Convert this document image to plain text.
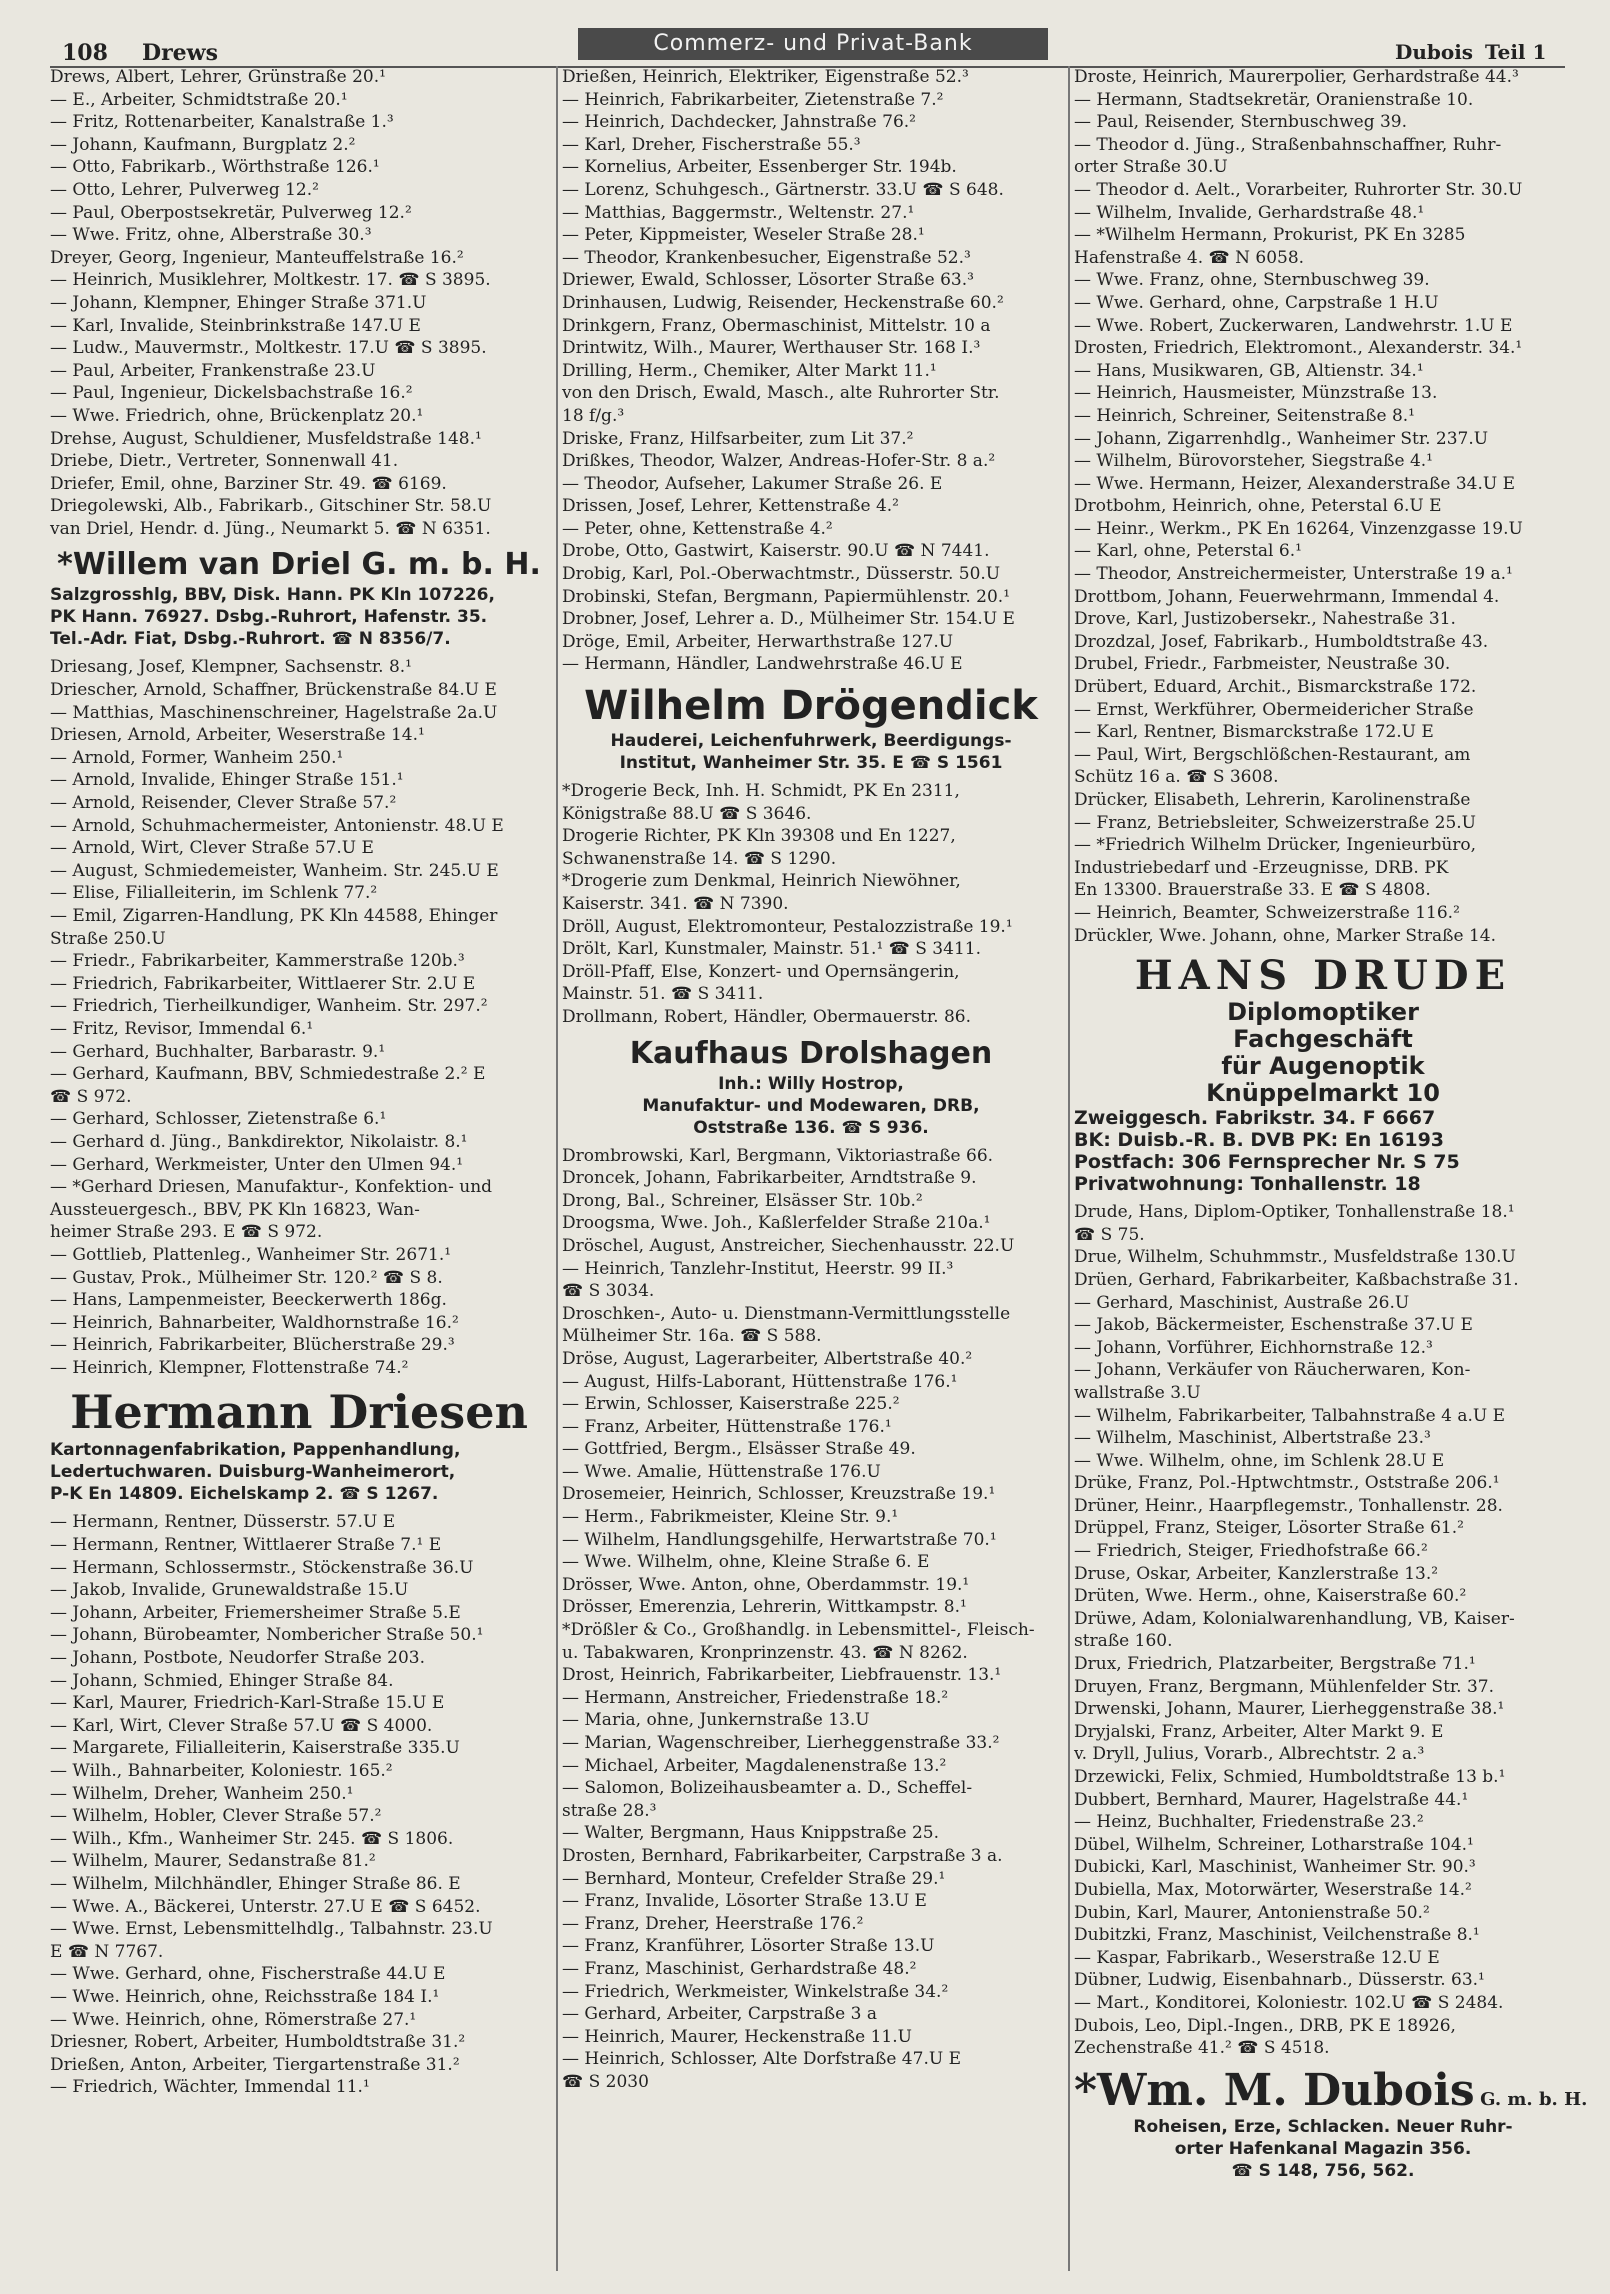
108 Drews	Commerz- und Privat-Bank	Dubois Teil 1
Drews, Albert, Lehrer, Grünstraße 20.¹
— E., Arbeiter, Schmidtstraße 20.¹
— Fritz, Rottenarbeiter, Kanalstraße 1.³
— Johann, Kaufmann, Burgplatz 2.²
— Otto, Fabrikarb., Wörthstraße 126.¹
— Otto, Lehrer, Pulverweg 12.²
— Paul, Oberpostsekretär, Pulverweg 12.²
— Wwe. Fritz, ohne, Alberstraße 30.³
Dreyer, Georg, Ingenieur, Manteuffelstraße 16.²
— Heinrich, Musiklehrer, Moltkestr. 17. ☎ S 3895.
— Johann, Klempner, Ehinger Straße 371.U
— Karl, Invalide, Steinbrinkstraße 147.U E
— Ludw., Mauvermstr., Moltkestr. 17.U ☎ S 3895.
— Paul, Arbeiter, Frankenstraße 23.U
— Paul, Ingenieur, Dickelsbachstraße 16.²
— Wwe. Friedrich, ohne, Brückenplatz 20.¹
Drehse, August, Schuldiener, Musfeldstraße 148.¹
Driebe, Dietr., Vertreter, Sonnenwall 41.
Driefer, Emil, ohne, Barziner Str. 49. ☎ 6169.
Driegolewski, Alb., Fabrikarb., Gitschiner Str. 58.U
van Driel, Hendr. d. Jüng., Neumarkt 5. ☎ N 6351.
*Willem van Driel G. m. b. H.
Salzgrosshlg, BBV, Disk. Hann. PK Kln 107226,
PK Hann. 76927. Dsbg.-Ruhrort, Hafenstr. 35.
Tel.-Adr. Fiat, Dsbg.-Ruhrort. ☎ N 8356/7.
Driesang, Josef, Klempner, Sachsenstr. 8.¹
Driescher, Arnold, Schaffner, Brückenstraße 84.U E
— Matthias, Maschinenschreiner, Hagelstraße 2a.U
Driesen, Arnold, Arbeiter, Weserstraße 14.¹
— Arnold, Former, Wanheim 250.¹
— Arnold, Invalide, Ehinger Straße 151.¹
— Arnold, Reisender, Clever Straße 57.²
— Arnold, Schuhmachermeister, Antonienstr. 48.U E
— Arnold, Wirt, Clever Straße 57.U E
— August, Schmiedemeister, Wanheim. Str. 245.U E
— Elise, Filialleiterin, im Schlenk 77.²
— Emil, Zigarren-Handlung, PK Kln 44588, Ehinger
Straße 250.U
— Friedr., Fabrikarbeiter, Kammerstraße 120b.³
— Friedrich, Fabrikarbeiter, Wittlaerer Str. 2.U E
— Friedrich, Tierheilkundiger, Wanheim. Str. 297.²
— Fritz, Revisor, Immendal 6.¹
— Gerhard, Buchhalter, Barbarastr. 9.¹
— Gerhard, Kaufmann, BBV, Schmiedestraße 2.² E
☎ S 972.
— Gerhard, Schlosser, Zietenstraße 6.¹
— Gerhard d. Jüng., Bankdirektor, Nikolaistr. 8.¹
— Gerhard, Werkmeister, Unter den Ulmen 94.¹
— *Gerhard Driesen, Manufaktur-, Konfektion- und
Aussteuergesch., BBV, PK Kln 16823, Wan-
heimer Straße 293. E ☎ S 972.
— Gottlieb, Plattenleg., Wanheimer Str. 2671.¹
— Gustav, Prok., Mülheimer Str. 120.² ☎ S 8.
— Hans, Lampenmeister, Beeckerwerth 186g.
— Heinrich, Bahnarbeiter, Waldhornstraße 16.²
— Heinrich, Fabrikarbeiter, Blücherstraße 29.³
— Heinrich, Klempner, Flottenstraße 74.²
Hermann Driesen
Kartonnagenfabrikation, Pappenhandlung,
Ledertuchwaren. Duisburg-Wanheimerort,
P-K En 14809. Eichelskamp 2. ☎ S 1267.
— Hermann, Rentner, Düsserstr. 57.U E
— Hermann, Rentner, Wittlaerer Straße 7.¹ E
— Hermann, Schlossermstr., Stöckenstraße 36.U
— Jakob, Invalide, Grunewaldstraße 15.U
— Johann, Arbeiter, Friemersheimer Straße 5.E
— Johann, Bürobeamter, Nombericher Straße 50.¹
— Johann, Postbote, Neudorfer Straße 203.
— Johann, Schmied, Ehinger Straße 84.
— Karl, Maurer, Friedrich-Karl-Straße 15.U E
— Karl, Wirt, Clever Straße 57.U ☎ S 4000.
— Margarete, Filialleiterin, Kaiserstraße 335.U
— Wilh., Bahnarbeiter, Koloniestr. 165.²
— Wilhelm, Dreher, Wanheim 250.¹
— Wilhelm, Hobler, Clever Straße 57.²
— Wilh., Kfm., Wanheimer Str. 245. ☎ S 1806.
— Wilhelm, Maurer, Sedanstraße 81.²
— Wilhelm, Milchhändler, Ehinger Straße 86. E
— Wwe. A., Bäckerei, Unterstr. 27.U E ☎ S 6452.
— Wwe. Ernst, Lebensmittelhdlg., Talbahnstr. 23.U
E ☎ N 7767.
— Wwe. Gerhard, ohne, Fischerstraße 44.U E
— Wwe. Heinrich, ohne, Reichsstraße 184 I.¹
— Wwe. Heinrich, ohne, Römerstraße 27.¹
Driesner, Robert, Arbeiter, Humboldtstraße 31.²
Drießen, Anton, Arbeiter, Tiergartenstraße 31.²
— Friedrich, Wächter, Immendal 11.¹
Drießen, Heinrich, Elektriker, Eigenstraße 52.³
— Heinrich, Fabrikarbeiter, Zietenstraße 7.²
— Heinrich, Dachdecker, Jahnstraße 76.²
— Karl, Dreher, Fischerstraße 55.³
— Kornelius, Arbeiter, Essenberger Str. 194b.
— Lorenz, Schuhgesch., Gärtnerstr. 33.U ☎ S 648.
— Matthias, Baggermstr., Weltenstr. 27.¹
— Peter, Kippmeister, Weseler Straße 28.¹
— Theodor, Krankenbesucher, Eigenstraße 52.³
Driewer, Ewald, Schlosser, Lösorter Straße 63.³
Drinhausen, Ludwig, Reisender, Heckenstraße 60.²
Drinkgern, Franz, Obermaschinist, Mittelstr. 10 a
Drintwitz, Wilh., Maurer, Werthauser Str. 168 I.³
Drilling, Herm., Chemiker, Alter Markt 11.¹
von den Drisch, Ewald, Masch., alte Ruhrorter Str.
18 f/g.³
Driske, Franz, Hilfsarbeiter, zum Lit 37.²
Drißkes, Theodor, Walzer, Andreas-Hofer-Str. 8 a.²
— Theodor, Aufseher, Lakumer Straße 26. E
Drissen, Josef, Lehrer, Kettenstraße 4.²
— Peter, ohne, Kettenstraße 4.²
Drobe, Otto, Gastwirt, Kaiserstr. 90.U ☎ N 7441.
Drobig, Karl, Pol.-Oberwachtmstr., Düsserstr. 50.U
Drobinski, Stefan, Bergmann, Papiermühlenstr. 20.¹
Drobner, Josef, Lehrer a. D., Mülheimer Str. 154.U E
Dröge, Emil, Arbeiter, Herwarthstraße 127.U
— Hermann, Händler, Landwehrstraße 46.U E
Wilhelm Drögendick
Hauderei, Leichenfuhrwerk, Beerdigungs-
Institut, Wanheimer Str. 35. E ☎ S 1561
*Drogerie Beck, Inh. H. Schmidt, PK En 2311,
Königstraße 88.U ☎ S 3646.
Drogerie Richter, PK Kln 39308 und En 1227,
Schwanenstraße 14. ☎ S 1290.
*Drogerie zum Denkmal, Heinrich Niewöhner,
Kaiserstr. 341. ☎ N 7390.
Dröll, August, Elektromonteur, Pestalozzistraße 19.¹
Drölt, Karl, Kunstmaler, Mainstr. 51.¹ ☎ S 3411.
Dröll-Pfaff, Else, Konzert- und Opernsängerin,
Mainstr. 51. ☎ S 3411.
Drollmann, Robert, Händler, Obermauerstr. 86.
Kaufhaus Drolshagen
Inh.: Willy Hostrop,
Manufaktur- und Modewaren, DRB,
Oststraße 136. ☎ S 936.
Drombrowski, Karl, Bergmann, Viktoriastraße 66.
Droncek, Johann, Fabrikarbeiter, Arndtstraße 9.
Drong, Bal., Schreiner, Elsässer Str. 10b.²
Droogsma, Wwe. Joh., Kaßlerfelder Straße 210a.¹
Dröschel, August, Anstreicher, Siechenhausstr. 22.U
— Heinrich, Tanzlehr-Institut, Heerstr. 99 II.³
☎ S 3034.
Droschken-, Auto- u. Dienstmann-Vermittlungsstelle
Mülheimer Str. 16a. ☎ S 588.
Dröse, August, Lagerarbeiter, Albertstraße 40.²
— August, Hilfs-Laborant, Hüttenstraße 176.¹
— Erwin, Schlosser, Kaiserstraße 225.²
— Franz, Arbeiter, Hüttenstraße 176.¹
— Gottfried, Bergm., Elsässer Straße 49.
— Wwe. Amalie, Hüttenstraße 176.U
Drosemeier, Heinrich, Schlosser, Kreuzstraße 19.¹
— Herm., Fabrikmeister, Kleine Str. 9.¹
— Wilhelm, Handlungsgehilfe, Herwartstraße 70.¹
— Wwe. Wilhelm, ohne, Kleine Straße 6. E
Drösser, Wwe. Anton, ohne, Oberdammstr. 19.¹
Drösser, Emerenzia, Lehrerin, Wittkampstr. 8.¹
*Drößler & Co., Großhandlg. in Lebensmittel-, Fleisch-
u. Tabakwaren, Kronprinzenstr. 43. ☎ N 8262.
Drost, Heinrich, Fabrikarbeiter, Liebfrauenstr. 13.¹
— Hermann, Anstreicher, Friedenstraße 18.²
— Maria, ohne, Junkernstraße 13.U
— Marian, Wagenschreiber, Lierheggenstraße 33.²
— Michael, Arbeiter, Magdalenenstraße 13.²
— Salomon, Bolizeihausbeamter a. D., Scheffel-
straße 28.³
— Walter, Bergmann, Haus Knippstraße 25.
Drosten, Bernhard, Fabrikarbeiter, Carpstraße 3 a.
— Bernhard, Monteur, Crefelder Straße 29.¹
— Franz, Invalide, Lösorter Straße 13.U E
— Franz, Dreher, Heerstraße 176.²
— Franz, Kranführer, Lösorter Straße 13.U
— Franz, Maschinist, Gerhardstraße 48.²
— Friedrich, Werkmeister, Winkelstraße 34.²
— Gerhard, Arbeiter, Carpstraße 3 a
— Heinrich, Maurer, Heckenstraße 11.U
— Heinrich, Schlosser, Alte Dorfstraße 47.U E
☎ S 2030
Droste, Heinrich, Maurerpolier, Gerhardstraße 44.³
— Hermann, Stadtsekretär, Oranienstraße 10.
— Paul, Reisender, Sternbuschweg 39.
— Theodor d. Jüng., Straßenbahnschaffner, Ruhr-
orter Straße 30.U
— Theodor d. Aelt., Vorarbeiter, Ruhrorter Str. 30.U
— Wilhelm, Invalide, Gerhardstraße 48.¹
— *Wilhelm Hermann, Prokurist, PK En 3285
Hafenstraße 4. ☎ N 6058.
— Wwe. Franz, ohne, Sternbuschweg 39.
— Wwe. Gerhard, ohne, Carpstraße 1 H.U
— Wwe. Robert, Zuckerwaren, Landwehrstr. 1.U E
Drosten, Friedrich, Elektromont., Alexanderstr. 34.¹
— Hans, Musikwaren, GB, Altienstr. 34.¹
— Heinrich, Hausmeister, Münzstraße 13.
— Heinrich, Schreiner, Seitenstraße 8.¹
— Johann, Zigarrenhdlg., Wanheimer Str. 237.U
— Wilhelm, Bürovorsteher, Siegstraße 4.¹
— Wwe. Hermann, Heizer, Alexanderstraße 34.U E
Drotbohm, Heinrich, ohne, Peterstal 6.U E
— Heinr., Werkm., PK En 16264, Vinzenzgasse 19.U
— Karl, ohne, Peterstal 6.¹
— Theodor, Anstreichermeister, Unterstraße 19 a.¹
Drottbom, Johann, Feuerwehrmann, Immendal 4.
Drove, Karl, Justizobersekr., Nahestraße 31.
Drozdzal, Josef, Fabrikarb., Humboldtstraße 43.
Drubel, Friedr., Farbmeister, Neustraße 30.
Drübert, Eduard, Archit., Bismarckstraße 172.
— Ernst, Werkführer, Obermeidericher Straße
— Karl, Rentner, Bismarckstraße 172.U E
— Paul, Wirt, Bergschlößchen-Restaurant, am
Schütz 16 a. ☎ S 3608.
Drücker, Elisabeth, Lehrerin, Karolinenstraße
— Franz, Betriebsleiter, Schweizerstraße 25.U
— *Friedrich Wilhelm Drücker, Ingenieurbüro,
Industriebedarf und -Erzeugnisse, DRB. PK
En 13300. Brauerstraße 33. E ☎ S 4808.
— Heinrich, Beamter, Schweizerstraße 116.²
Drückler, Wwe. Johann, ohne, Marker Straße 14.
HANS DRUDE
Diplomoptiker
Fachgeschäft
für Augenoptik
Knüppelmarkt 10
Zweiggesch. Fabrikstr. 34. F 6667
BK: Duisb.-R. B. DVB PK: En 16193
Postfach: 306 Fernsprecher Nr. S 75
Privatwohnung: Tonhallenstr. 18
Drude, Hans, Diplom-Optiker, Tonhallenstraße 18.¹
☎ S 75.
Drue, Wilhelm, Schuhmmstr., Musfeldstraße 130.U
Drüen, Gerhard, Fabrikarbeiter, Kaßbachstraße 31.
— Gerhard, Maschinist, Austraße 26.U
— Jakob, Bäckermeister, Eschenstraße 37.U E
— Johann, Vorführer, Eichhornstraße 12.³
— Johann, Verkäufer von Räucherwaren, Kon-
wallstraße 3.U
— Wilhelm, Fabrikarbeiter, Talbahnstraße 4 a.U E
— Wilhelm, Maschinist, Albertstraße 23.³
— Wwe. Wilhelm, ohne, im Schlenk 28.U E
Drüke, Franz, Pol.-Hptwchtmstr., Oststraße 206.¹
Drüner, Heinr., Haarpflegemstr., Tonhallenstr. 28.
Drüppel, Franz, Steiger, Lösorter Straße 61.²
— Friedrich, Steiger, Friedhofstraße 66.²
Druse, Oskar, Arbeiter, Kanzlerstraße 13.²
Drüten, Wwe. Herm., ohne, Kaiserstraße 60.²
Drüwe, Adam, Kolonialwarenhandlung, VB, Kaiser-
straße 160.
Drux, Friedrich, Platzarbeiter, Bergstraße 71.¹
Druyen, Franz, Bergmann, Mühlenfelder Str. 37.
Drwenski, Johann, Maurer, Lierheggenstraße 38.¹
Dryjalski, Franz, Arbeiter, Alter Markt 9. E
v. Dryll, Julius, Vorarb., Albrechtstr. 2 a.³
Drzewicki, Felix, Schmied, Humboldtstraße 13 b.¹
Dubbert, Bernhard, Maurer, Hagelstraße 44.¹
— Heinz, Buchhalter, Friedenstraße 23.²
Dübel, Wilhelm, Schreiner, Lotharstraße 104.¹
Dubicki, Karl, Maschinist, Wanheimer Str. 90.³
Dubiella, Max, Motorwärter, Weserstraße 14.²
Dubin, Karl, Maurer, Antonienstraße 50.²
Dubitzki, Franz, Maschinist, Veilchenstraße 8.¹
— Kaspar, Fabrikarb., Weserstraße 12.U E
Dübner, Ludwig, Eisenbahnarb., Düsserstr. 63.¹
— Mart., Konditorei, Koloniestr. 102.U ☎ S 2484.
Dubois, Leo, Dipl.-Ingen., DRB, PK E 18926,
Zechenstraße 41.² ☎ S 4518.
*Wm. M. Dubois G. m. b. H.
Roheisen, Erze, Schlacken. Neuer Ruhr-
orter Hafenkanal Magazin 356.
☎ S 148, 756, 562.
